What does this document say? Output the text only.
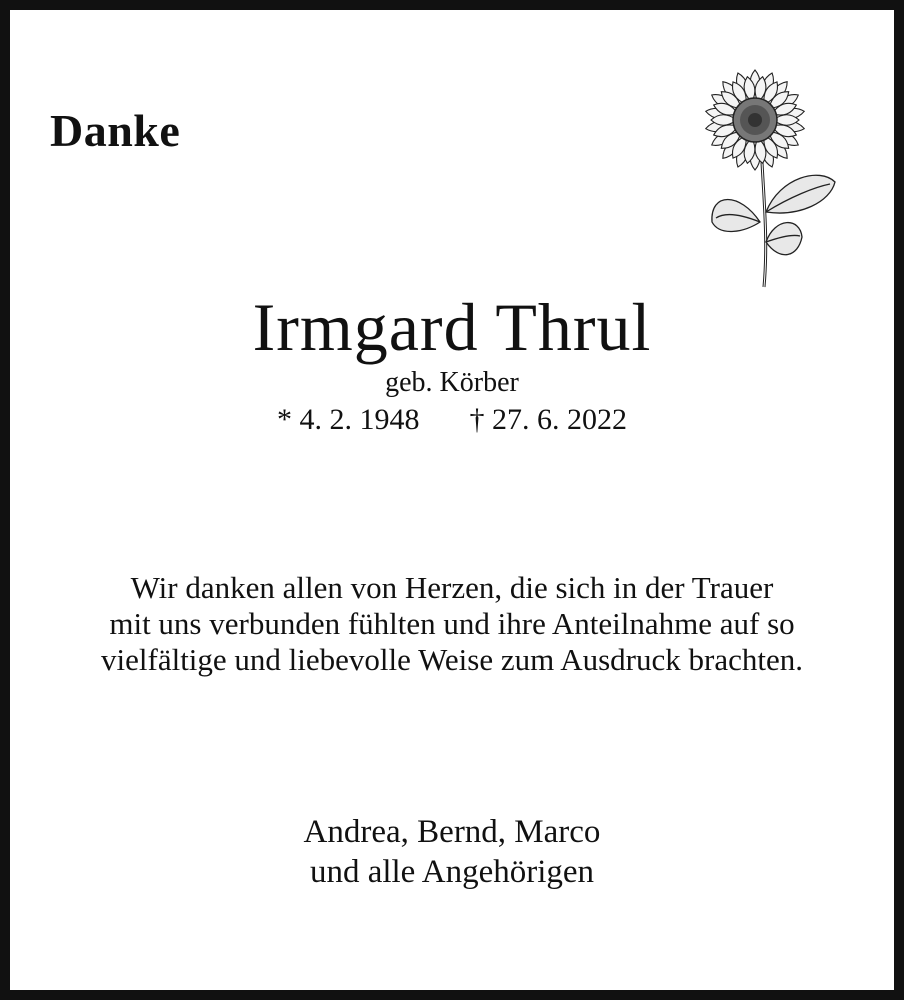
Danke
Irmgard Thrul
geb. Körber
* 4. 2. 1948 † 27. 6. 2022
Wir danken allen von Herzen, die sich in der Trauer
mit uns verbunden fühlten und ihre Anteilnahme auf so
vielfältige und liebevolle Weise zum Ausdruck brachten.
Andrea, Bernd, Marco
und alle Angehörigen
